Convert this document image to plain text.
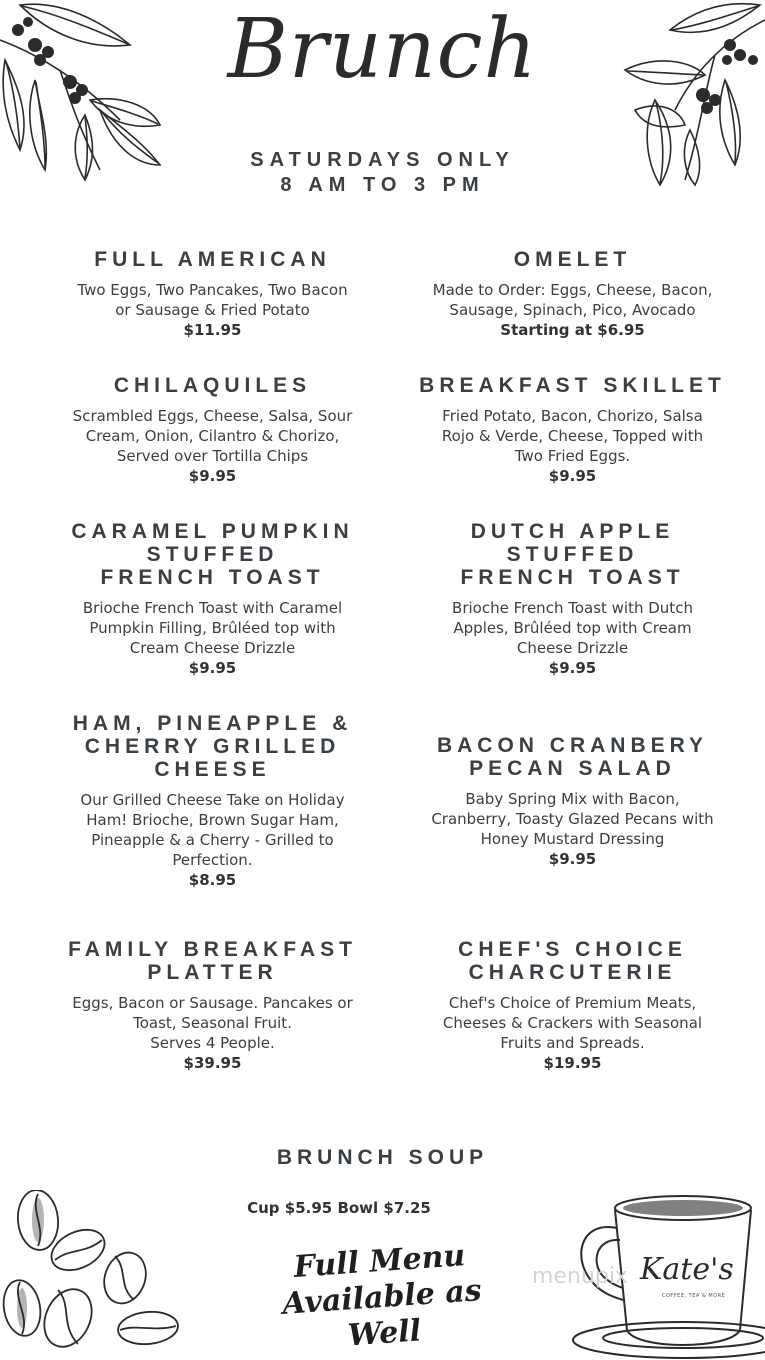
Brunch
SATURDAYS ONLY
8 AM TO 3 PM
FULL AMERICAN
Two Eggs, Two Pancakes, Two Bacon
or Sausage & Fried Potato
$11.95
OMELET
Made to Order: Eggs, Cheese, Bacon,
Sausage, Spinach, Pico, Avocado
Starting at $6.95
CHILAQUILES
Scrambled Eggs, Cheese, Salsa, Sour
Cream, Onion, Cilantro & Chorizo,
Served over Tortilla Chips
$9.95
BREAKFAST SKILLET
Fried Potato, Bacon, Chorizo, Salsa
Rojo & Verde, Cheese, Topped with
Two Fried Eggs.
$9.95
CARAMEL PUMPKIN
STUFFED
FRENCH TOAST
Brioche French Toast with Caramel
Pumpkin Filling, Brûléed top with
Cream Cheese Drizzle
$9.95
DUTCH APPLE
STUFFED
FRENCH TOAST
Brioche French Toast with Dutch
Apples, Brûléed top with Cream
Cheese Drizzle
$9.95
HAM, PINEAPPLE &
CHERRY GRILLED
CHEESE
Our Grilled Cheese Take on Holiday
Ham! Brioche, Brown Sugar Ham,
Pineapple & a Cherry - Grilled to
Perfection.
$8.95
BACON CRANBERY
PECAN SALAD
Baby Spring Mix with Bacon,
Cranberry, Toasty Glazed Pecans with
Honey Mustard Dressing
$9.95
FAMILY BREAKFAST
PLATTER
Eggs, Bacon or Sausage. Pancakes or
Toast, Seasonal Fruit.
Serves 4 People.
$39.95
CHEF'S CHOICE
CHARCUTERIE
Chef's Choice of Premium Meats,
Cheeses & Crackers with Seasonal
Fruits and Spreads.
$19.95
BRUNCH SOUP
Cup $5.95 Bowl $7.25
Full Menu
Available as Well
menupix Kate's
COFFEE, TEA & MORE
